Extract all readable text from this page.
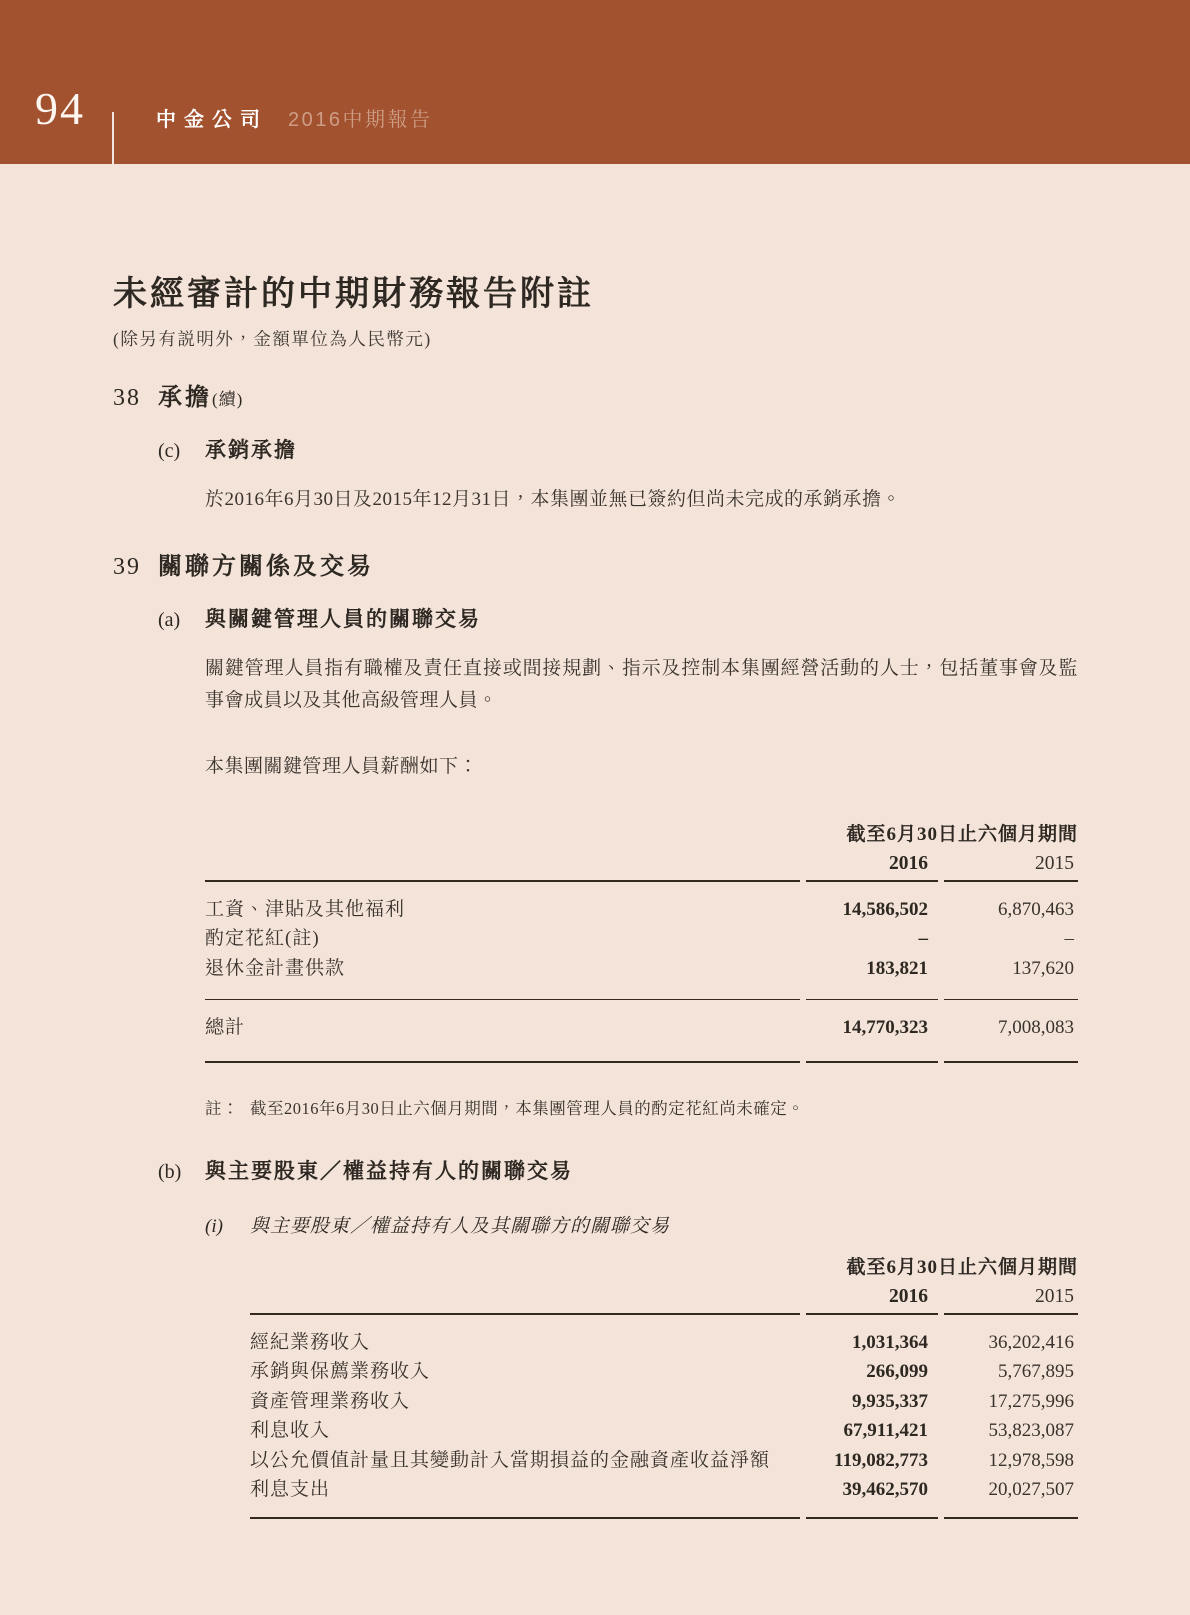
94	中金公司 2016中期報告
未經審計的中期財務報告附註

(除另有説明外，金額單位為人民幣元)

38 承擔(續)
(c)	承銷承擔

於2016年6月30日及2015年12月31日，本集團並無已簽約但尚未完成的承銷承擔。

39 關聯方關係及交易
(a)	與關鍵管理人員的關聯交易

關鍵管理人員指有職權及責任直接或間接規劃、指示及控制本集團經營活動的人士，包括董事會及監事會成員以及其他高級管理人員。

本集團關鍵管理人員薪酬如下：

截至6月30日止六個月期間
2016	2015
工資、津貼及其他福利	14,586,502	6,870,463
酌定花紅(註)	–	–
退休金計畫供款	183,821	137,620
總計	14,770,323	7,008,083
註： 截至2016年6月30日止六個月期間，本集團管理人員的酌定花紅尚未確定。
(b)	與主要股東／權益持有人的關聯交易
(i)	與主要股東／權益持有人及其關聯方的關聯交易
截至6月30日止六個月期間
2016	2015
經紀業務收入	1,031,364	36,202,416
承銷與保薦業務收入	266,099	5,767,895
資產管理業務收入	9,935,337	17,275,996
利息收入	67,911,421	53,823,087
以公允價值計量且其變動計入當期損益的金融資產收益淨額	119,082,773	12,978,598
利息支出	39,462,570	20,027,507
